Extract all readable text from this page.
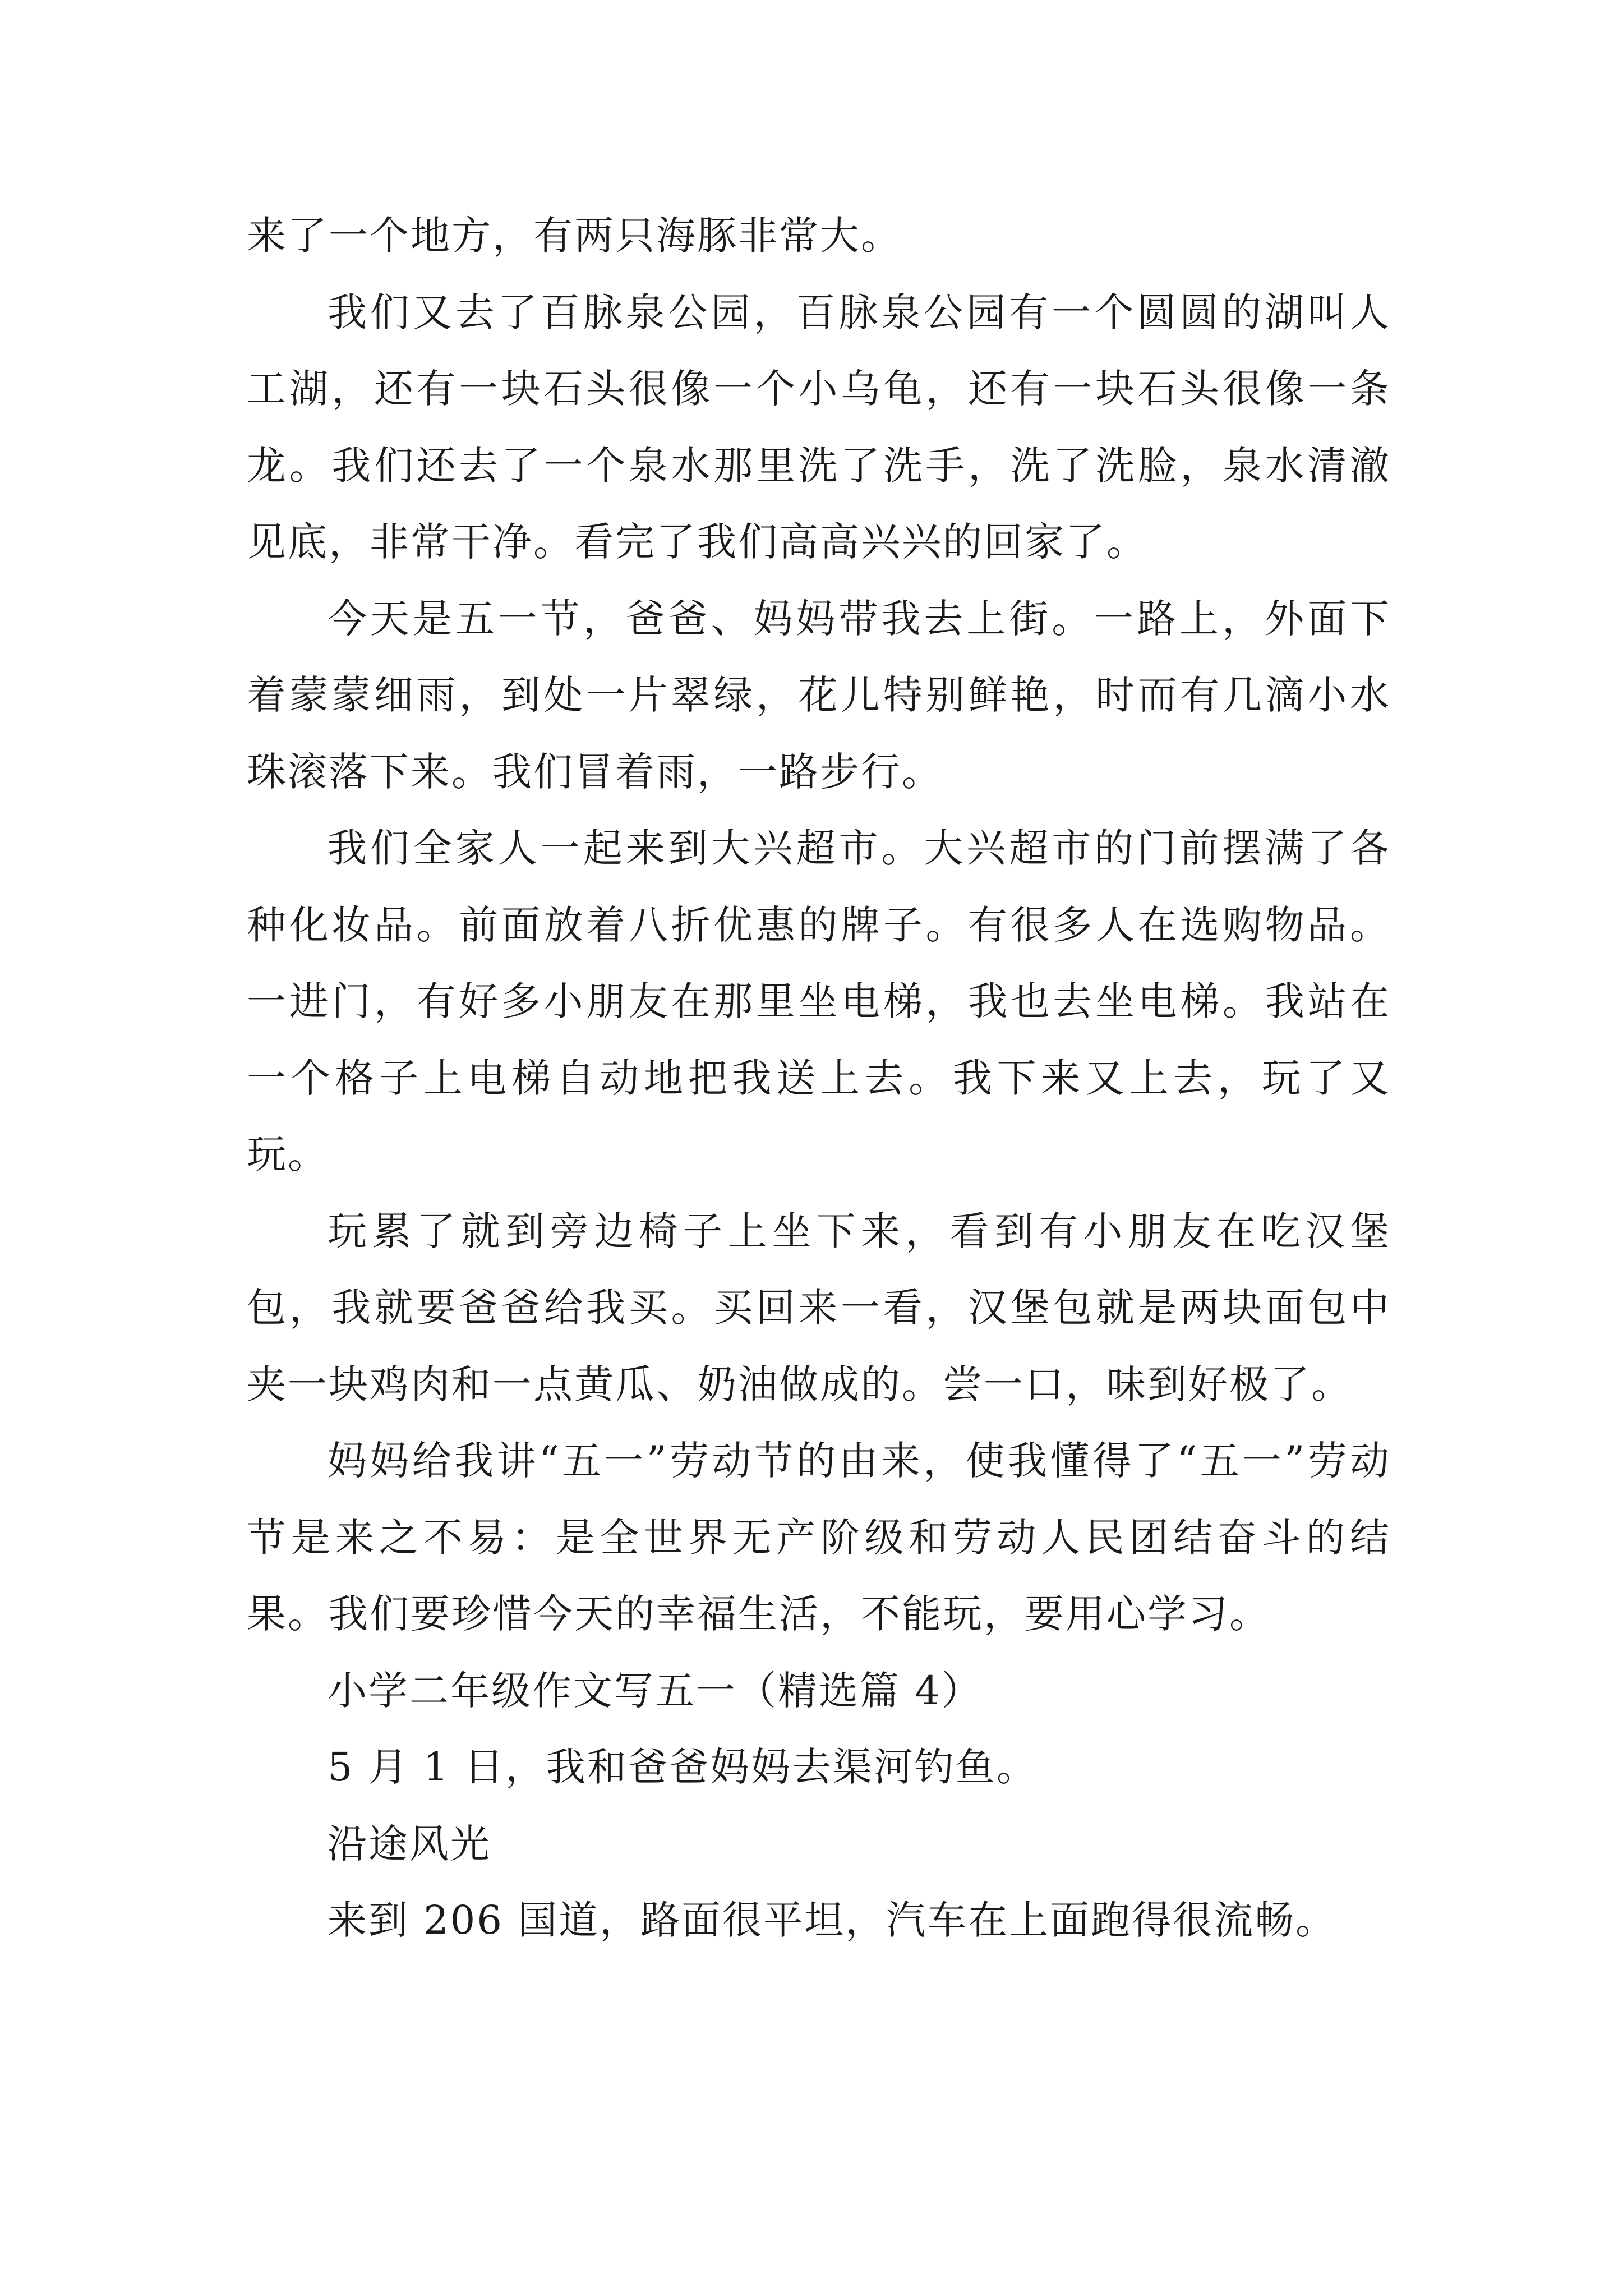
来了一个地方，有两只海豚非常大。

我们又去了百脉泉公园，百脉泉公园有一个圆圆的湖叫人工湖，还有一块石头很像一个小乌龟，还有一块石头很像一条龙。我们还去了一个泉水那里洗了洗手，洗了洗脸，泉水清澈见底，非常干净。看完了我们高高兴兴的回家了。

今天是五一节，爸爸、妈妈带我去上街。一路上，外面下着蒙蒙细雨，到处一片翠绿，花儿特别鲜艳，时而有几滴小水珠滚落下来。我们冒着雨，一路步行。

我们全家人一起来到大兴超市。大兴超市的门前摆满了各种化妆品。前面放着八折优惠的牌子。有很多人在选购物品。一进门，有好多小朋友在那里坐电梯，我也去坐电梯。我站在一个格子上电梯自动地把我送上去。我下来又上去，玩了又玩。

玩累了就到旁边椅子上坐下来，看到有小朋友在吃汉堡包，我就要爸爸给我买。买回来一看，汉堡包就是两块面包中夹一块鸡肉和一点黄瓜、奶油做成的。尝一口，味到好极了。

妈妈给我讲“五一”劳动节的由来，使我懂得了“五一”劳动节是来之不易：是全世界无产阶级和劳动人民团结奋斗的结果。我们要珍惜今天的幸福生活，不能玩，要用心学习。

小学二年级作文写五一（精选篇 4）

5 月 1 日，我和爸爸妈妈去渠河钓鱼。

沿途风光

来到 206 国道，路面很平坦，汽车在上面跑得很流畅。
